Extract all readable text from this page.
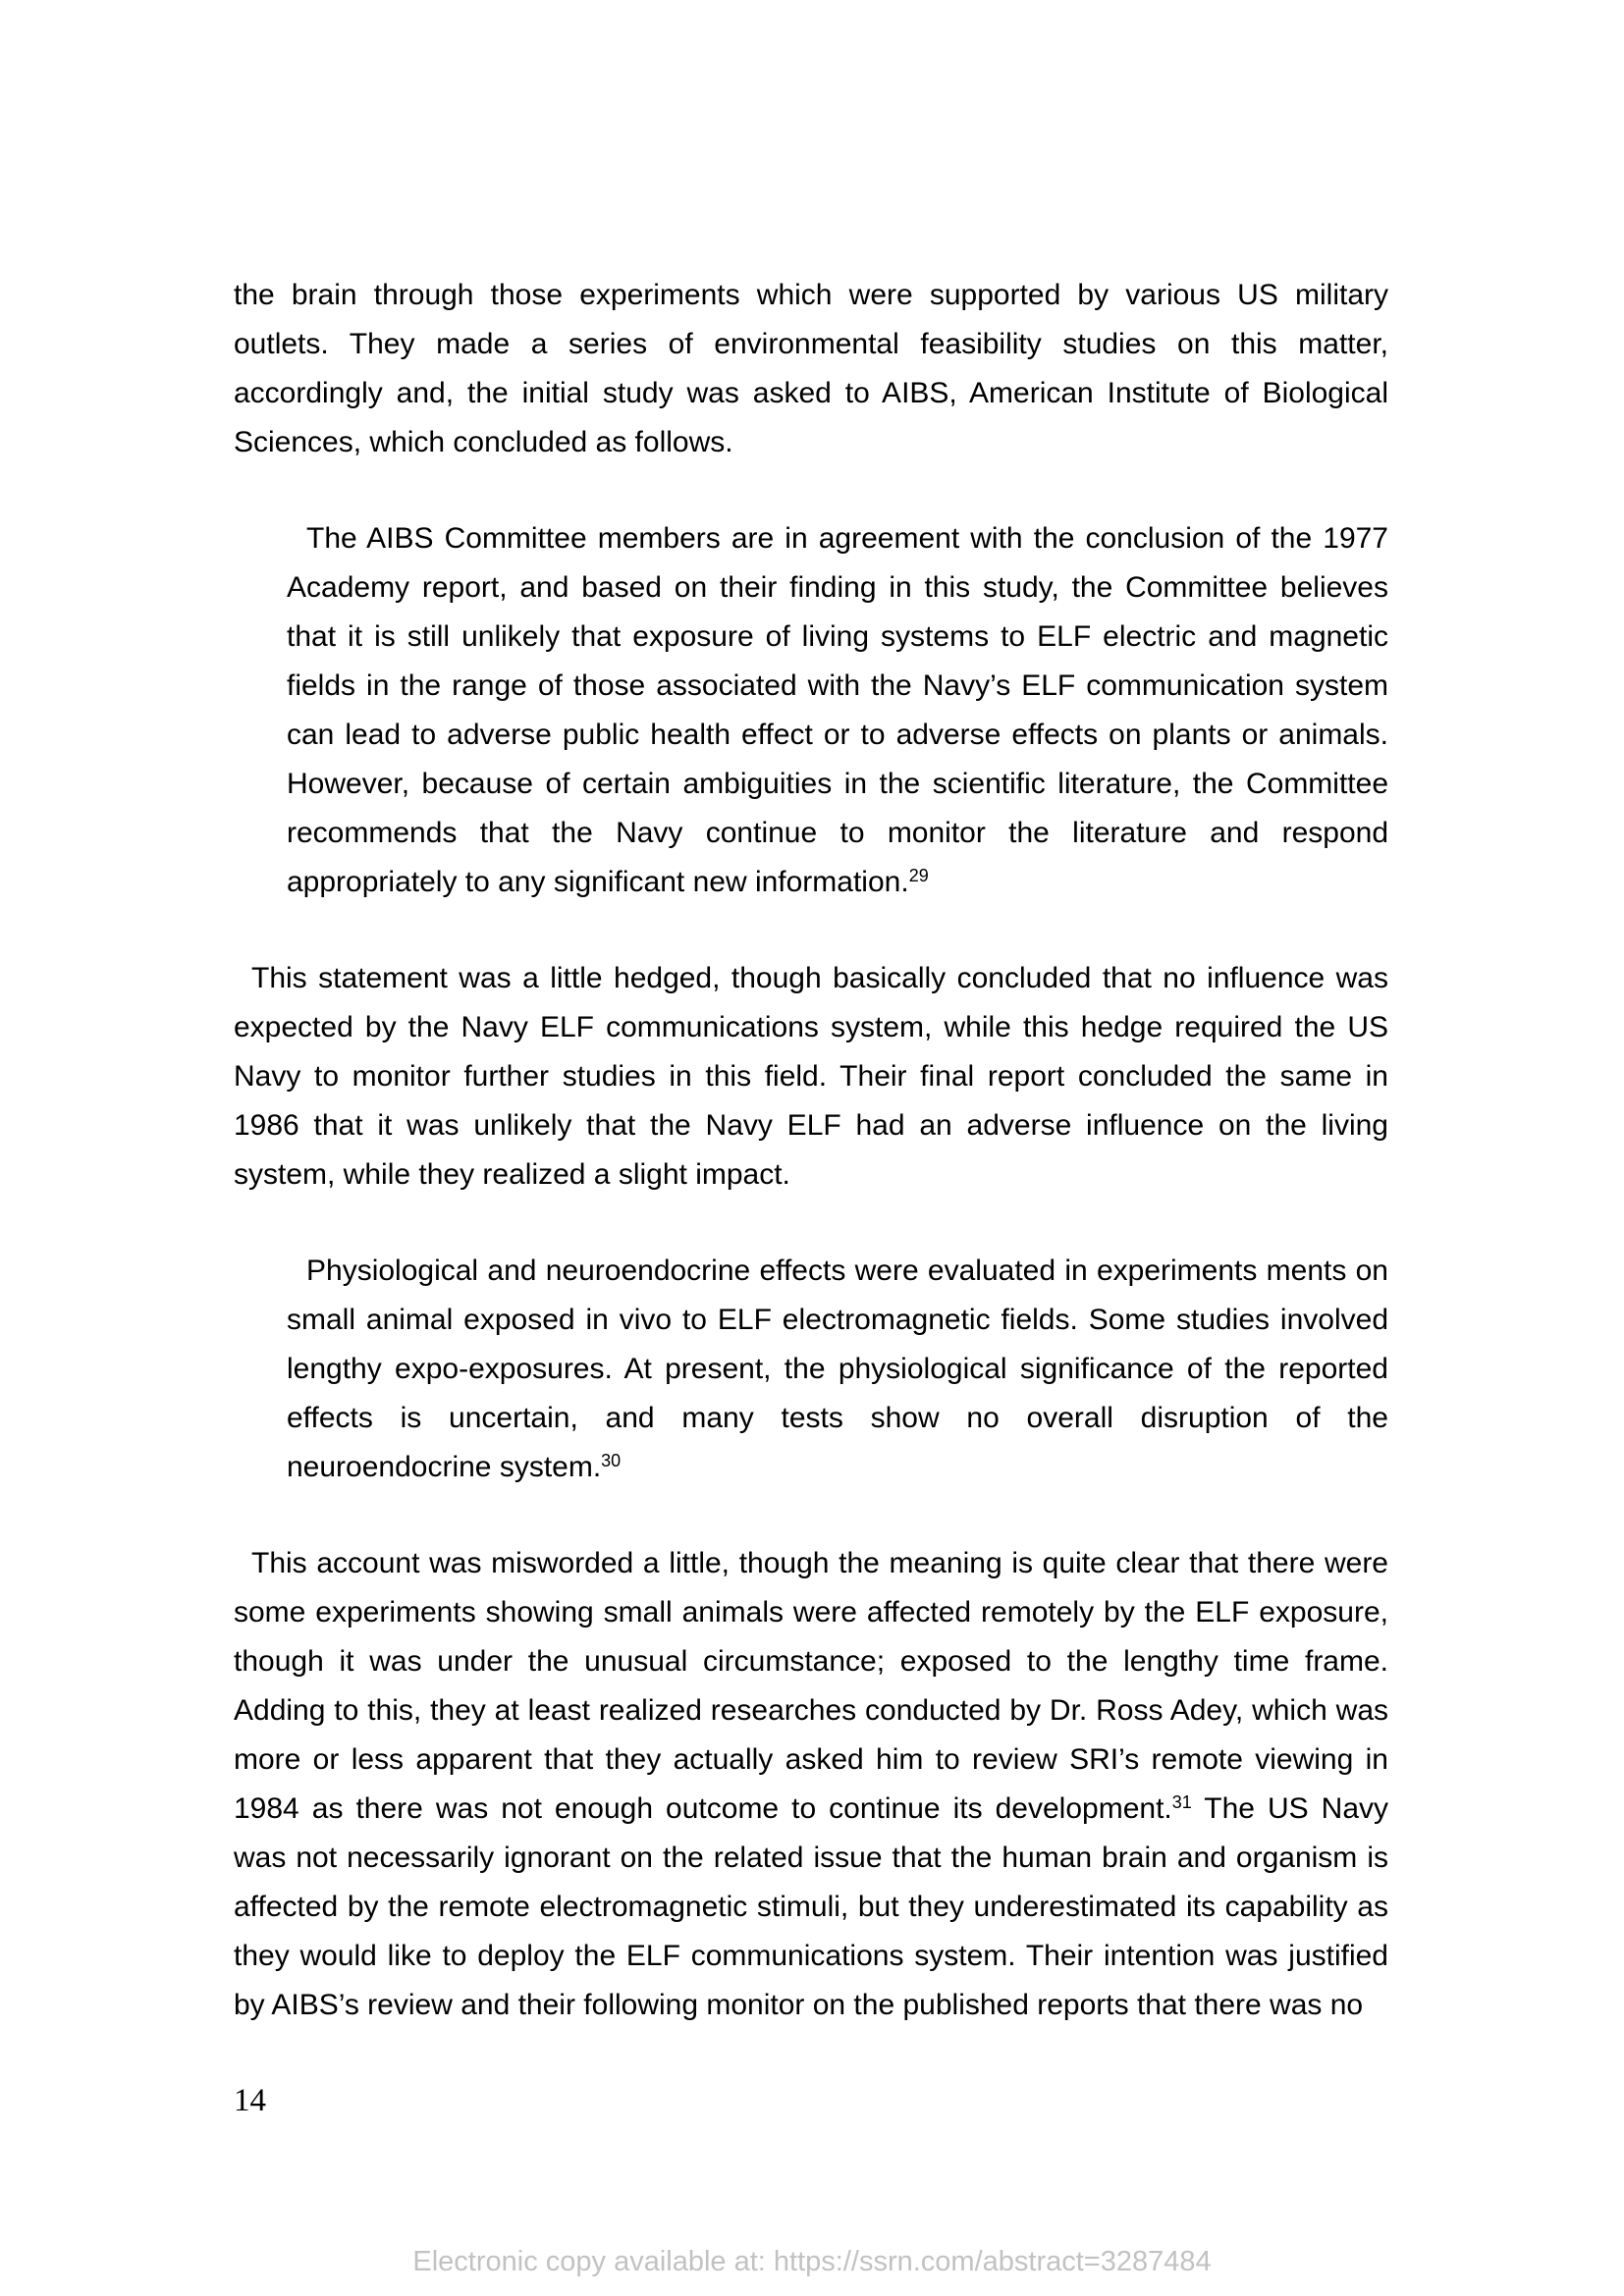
the brain through those experiments which were supported by various US military outlets. They made a series of environmental feasibility studies on this matter, accordingly and, the initial study was asked to AIBS, American Institute of Biological Sciences, which concluded as follows.

The AIBS Committee members are in agreement with the conclusion of the 1977 Academy report, and based on their finding in this study, the Committee believes that it is still unlikely that exposure of living systems to ELF electric and magnetic fields in the range of those associated with the Navy’s ELF communication system can lead to adverse public health effect or to adverse effects on plants or animals. However, because of certain ambiguities in the scientific literature, the Committee recommends that the Navy continue to monitor the literature and respond appropriately to any significant new information.$^{29}$

This statement was a little hedged, though basically concluded that no influence was expected by the Navy ELF communications system, while this hedge required the US Navy to monitor further studies in this field. Their final report concluded the same in 1986 that it was unlikely that the Navy ELF had an adverse influence on the living system, while they realized a slight impact.

Physiological and neuroendocrine effects were evaluated in experiments ments on small animal exposed in vivo to ELF electromagnetic fields. Some studies involved lengthy expo-exposures. At present, the physiological significance of the reported effects is uncertain, and many tests show no overall disruption of the neuroendocrine system.$^{30}$

This account was misworded a little, though the meaning is quite clear that there were some experiments showing small animals were affected remotely by the ELF exposure, though it was under the unusual circumstance; exposed to the lengthy time frame. Adding to this, they at least realized researches conducted by Dr. Ross Adey, which was more or less apparent that they actually asked him to review SRI’s remote viewing in 1984 as there was not enough outcome to continue its development.$^{31}$ The US Navy was not necessarily ignorant on the related issue that the human brain and organism is affected by the remote electromagnetic stimuli, but they underestimated its capability as they would like to deploy the ELF communications system. Their intention was justified by AIBS’s review and their following monitor on the published reports that there was no

14
Electronic copy available at: https://ssrn.com/abstract=3287484
